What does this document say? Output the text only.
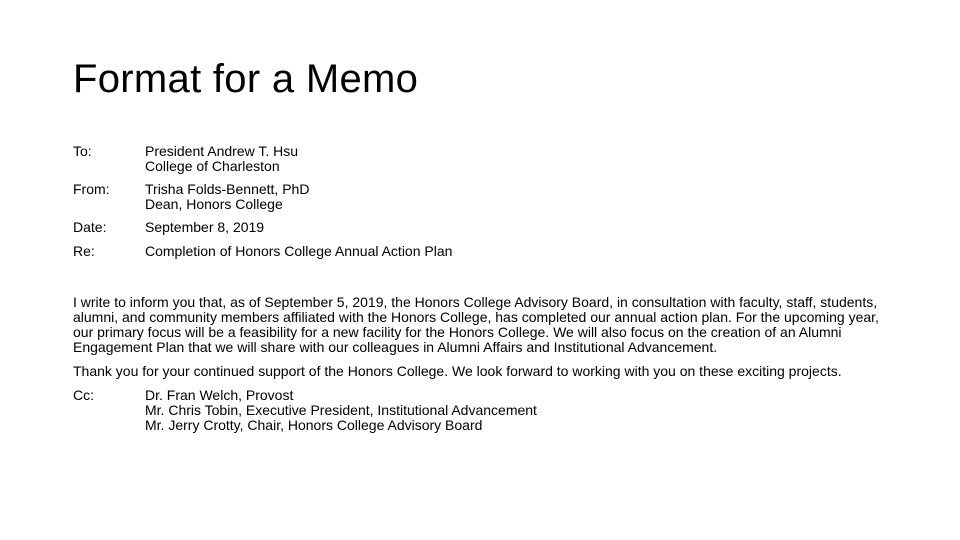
Format for a Memo
To:	President Andrew T. Hsu
College of Charleston
From:	Trisha Folds-Bennett, PhD
Dean, Honors College
Date:	September 8, 2019
Re:	Completion of Honors College Annual Action Plan

I write to inform you that, as of September 5, 2019, the Honors College Advisory Board, in consultation with faculty, staff, students, alumni, and community members affiliated with the Honors College, has completed our annual action plan. For the upcoming year, our primary focus will be a feasibility for a new facility for the Honors College. We will also focus on the creation of an Alumni Engagement Plan that we will share with our colleagues in Alumni Affairs and Institutional Advancement.

Thank you for your continued support of the Honors College. We look forward to working with you on these exciting projects.

Cc:	Dr. Fran Welch, Provost
Mr. Chris Tobin, Executive President, Institutional Advancement
Mr. Jerry Crotty, Chair, Honors College Advisory Board
